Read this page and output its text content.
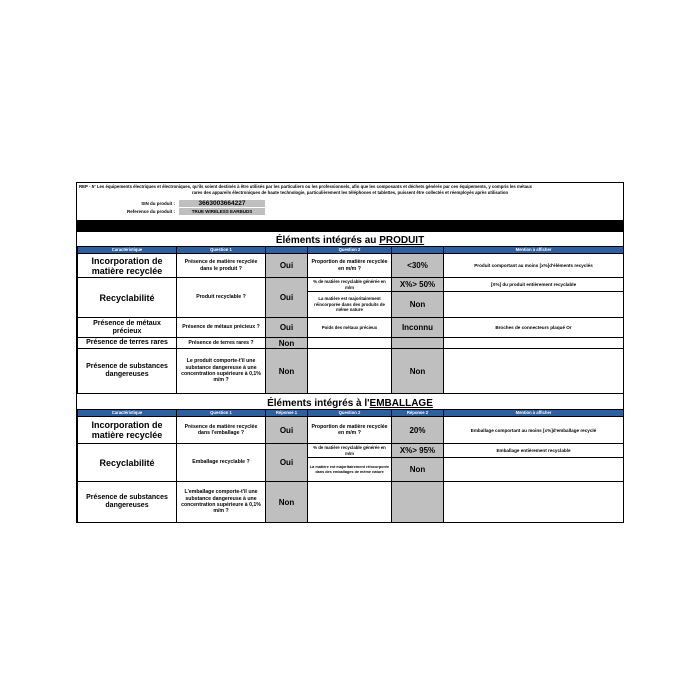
REP - 5° Les équipements électriques et électroniques, qu'ils soient destinés à être utilisés par les particuliers ou les professionnels, afin que les composants et déchets générés par ces équipements, y compris les métaux
rares des appareils électroniques de haute technologie, particulièrement les téléphones et tablettes, puissent être collectés et réemployés après utilisation
SIN du produit :	3663003664227
Reference du produit :	TRUE WIRELESS EARBUDS
Éléments intégrés au PRODUIT
Caractéristique	Question 1		Question 2		Mention à afficher
Incorporation de matière recyclée	Présence de matière recyclée dans le produit ?	Oui	Proportion de matière recyclée en m/m ?	<30%	Produit comportant au moins [x%]d'éléments recyclés
Recyclabilité	Produit recyclable ?	Oui	% de matière recyclable générée en m/m	X%> 50%	[X%] du produit entièrement recyclable
			La matière est majoritairement réincorporée dans des produits de même nature	Non	
Présence de métaux précieux	Présence de métaux précieux ?	Oui	Poids des métaux précieux	Inconnu	Broches de connecteurs plaqué Or
Présence de terres rares	Présence de terres rares ?	Non			
Présence de substances dangereuses	Le produit comporte-t'il une substance dangereuse à une concentration supérieure à 0,1% m/m ?	Non		Non	
Éléments intégrés à l'EMBALLAGE
Caractéristique	Question 1	Réponse 1	Question 2	Réponse 2	Mention à afficher
Incorporation de matière recyclée	Présence de matière recyclée dans l'emballage ?	Oui	Proportion de matière recyclée en m/m ?	20%	Emballage comportant au moins [x%]d'emballage recyclé
Recyclabilité	Emballage recyclable ?	Oui	% de matière recyclable générée en m/m	X%> 95%	Emballage entièrement recyclable
			La matière est majoritairement réincorporée dans des emballages de même nature	Non	
Présence de substances dangereuses	L'emballage comporte-t'il une substance dangereuse à une concentration supérieure à 0,1% m/m ?	Non			
